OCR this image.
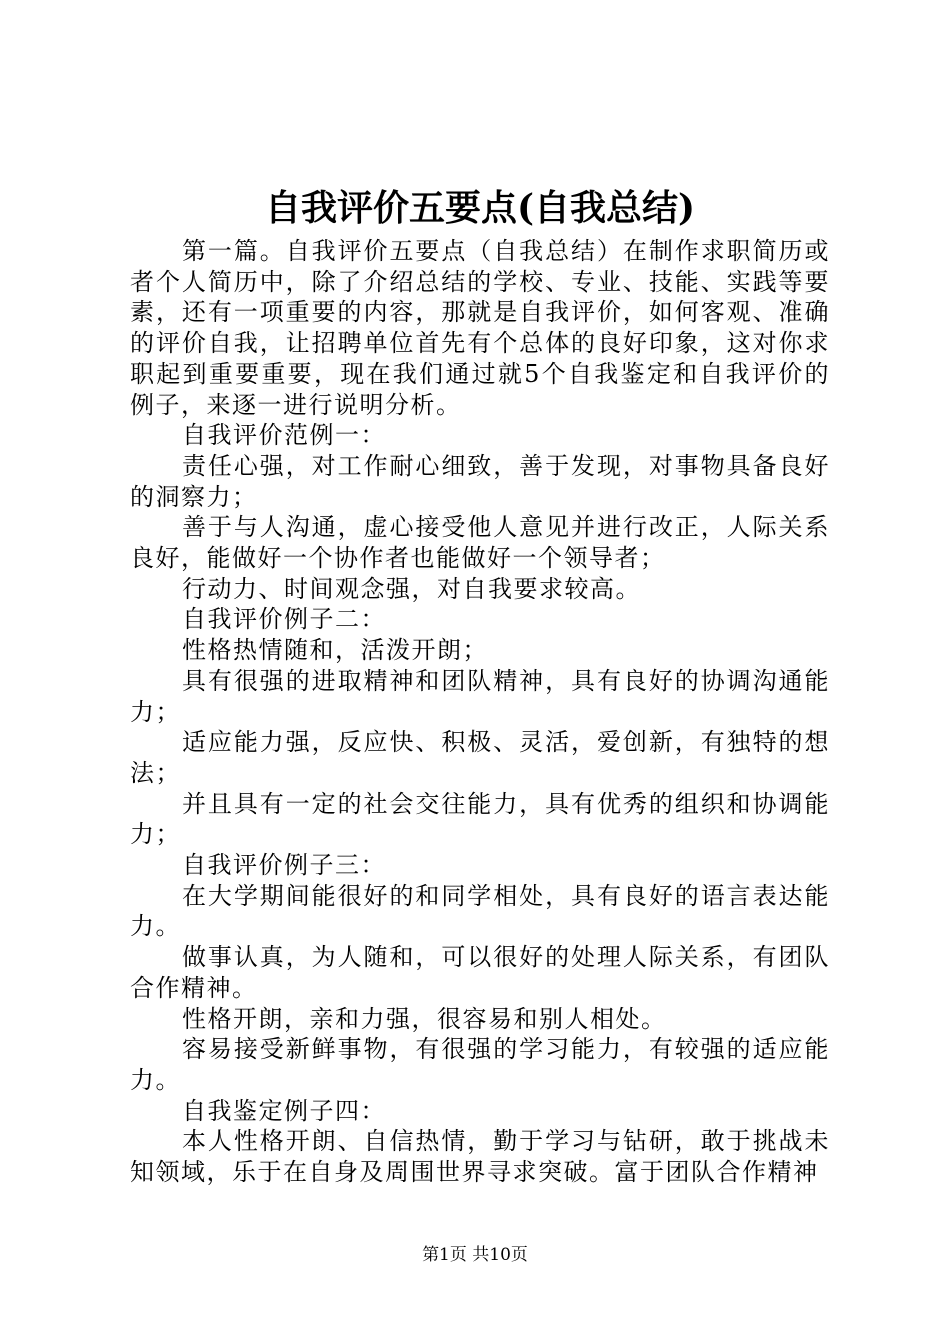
自我评价五要点(自我总结)

第一篇。自我评价五要点（自我总结）在制作求职简历或者个人简历中，除了介绍总结的学校、专业、技能、实践等要素，还有一项重要的内容，那就是自我评价，如何客观、准确的评价自我，让招聘单位首先有个总体的良好印象，这对你求职起到重要重要，现在我们通过就5个自我鉴定和自我评价的例子，来逐一进行说明分析。

自我评价范例一：

责任心强，对工作耐心细致，善于发现，对事物具备良好的洞察力；

善于与人沟通，虚心接受他人意见并进行改正，人际关系良好，能做好一个协作者也能做好一个领导者；

行动力、时间观念强，对自我要求较高。

自我评价例子二：

性格热情随和，活泼开朗；

具有很强的进取精神和团队精神，具有良好的协调沟通能力；

适应能力强，反应快、积极、灵活，爱创新，有独特的想法；

并且具有一定的社会交往能力，具有优秀的组织和协调能力；

自我评价例子三：

在大学期间能很好的和同学相处，具有良好的语言表达能力。

做事认真，为人随和，可以很好的处理人际关系，有团队合作精神。

性格开朗，亲和力强，很容易和别人相处。

容易接受新鲜事物，有很强的学习能力，有较强的适应能力。

自我鉴定例子四：

本人性格开朗、自信热情，勤于学习与钻研，敢于挑战未知领域，乐于在自身及周围世界寻求突破。富于团队合作精神

第1页 共10页
